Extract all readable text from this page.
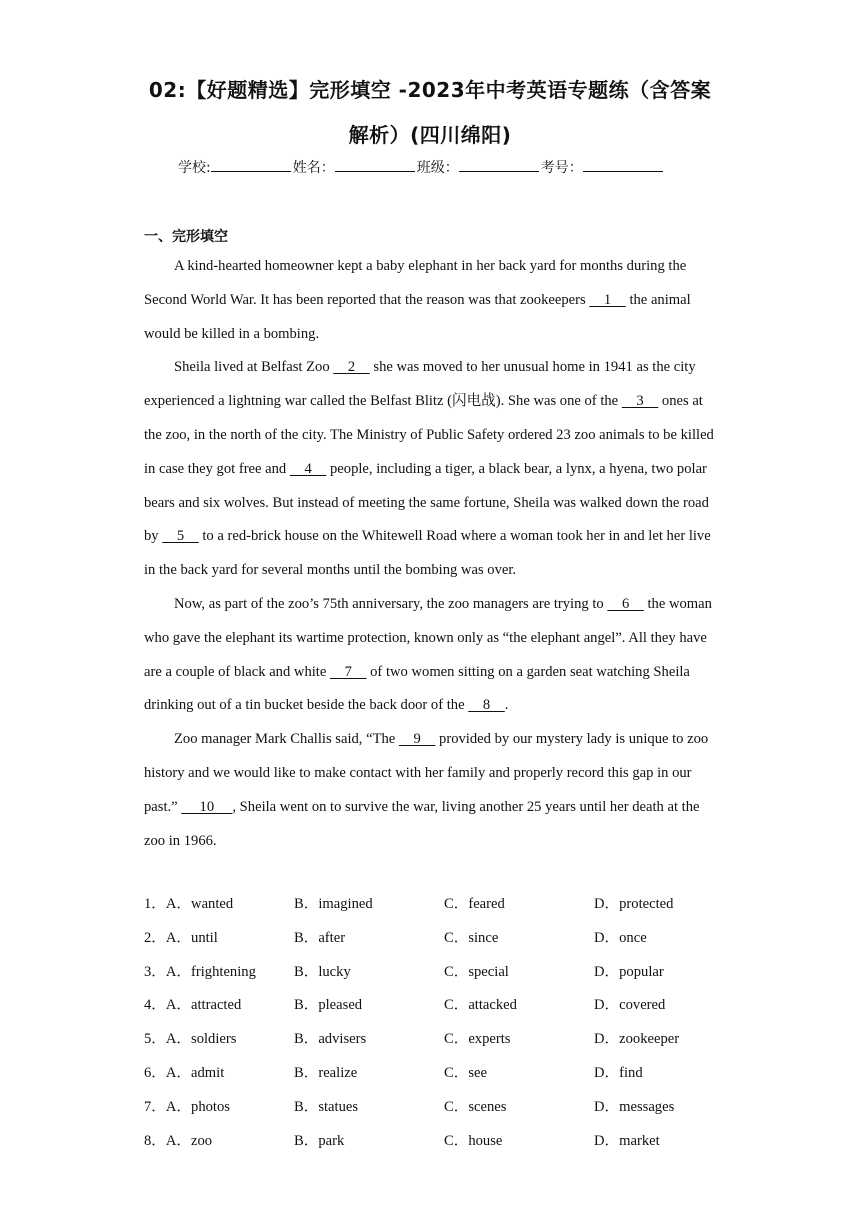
02:【好题精选】完形填空 -2023年中考英语专题练（含答案
解析）(四川绵阳)
学校:	姓名：	班级：	考号：
一、完形填空

A kind-hearted homeowner kept a baby elephant in her back yard for months during the Second World War. It has been reported that the reason was that zookeepers     1     the animal would be killed in a bombing.

Sheila lived at Belfast Zoo     2     she was moved to her unusual home in 1941 as the city experienced a lightning war called the Belfast Blitz (闪电战). She was one of the     3     ones at the zoo, in the north of the city. The Ministry of Public Safety ordered 23 zoo animals to be killed in case they got free and     4     people, including a tiger, a black bear, a lynx, a hyena, two polar bears and six wolves. But instead of meeting the same fortune, Sheila was walked down the road by     5     to a red-brick house on the Whitewell Road where a woman took her in and let her live in the back yard for several months until the bombing was over.

Now, as part of the zoo’s 75th anniversary, the zoo managers are trying to     6     the woman who gave the elephant its wartime protection, known only as “the elephant angel”. All they have are a couple of black and white     7     of two women sitting on a garden seat watching Sheila drinking out of a tin bucket beside the back door of the     8    .

Zoo manager Mark Challis said, “The     9     provided by our mystery lady is unique to zoo history and we would like to make contact with her family and properly record this gap in our past.”      10     , Sheila went on to survive the war, living another 25 years until her death at the zoo in 1966.

1．A．wanted	B．imagined	C．feared	D．protected
2．A．until	B．after	C．since	D．once
3．A．frightening	B．lucky	C．special	D．popular
4．A．attracted	B．pleased	C．attacked	D．covered
5．A．soldiers	B．advisers	C．experts	D．zookeeper
6．A．admit	B．realize	C．see	D．find
7．A．photos	B．statues	C．scenes	D．messages
8．A．zoo	B．park	C．house	D．market
